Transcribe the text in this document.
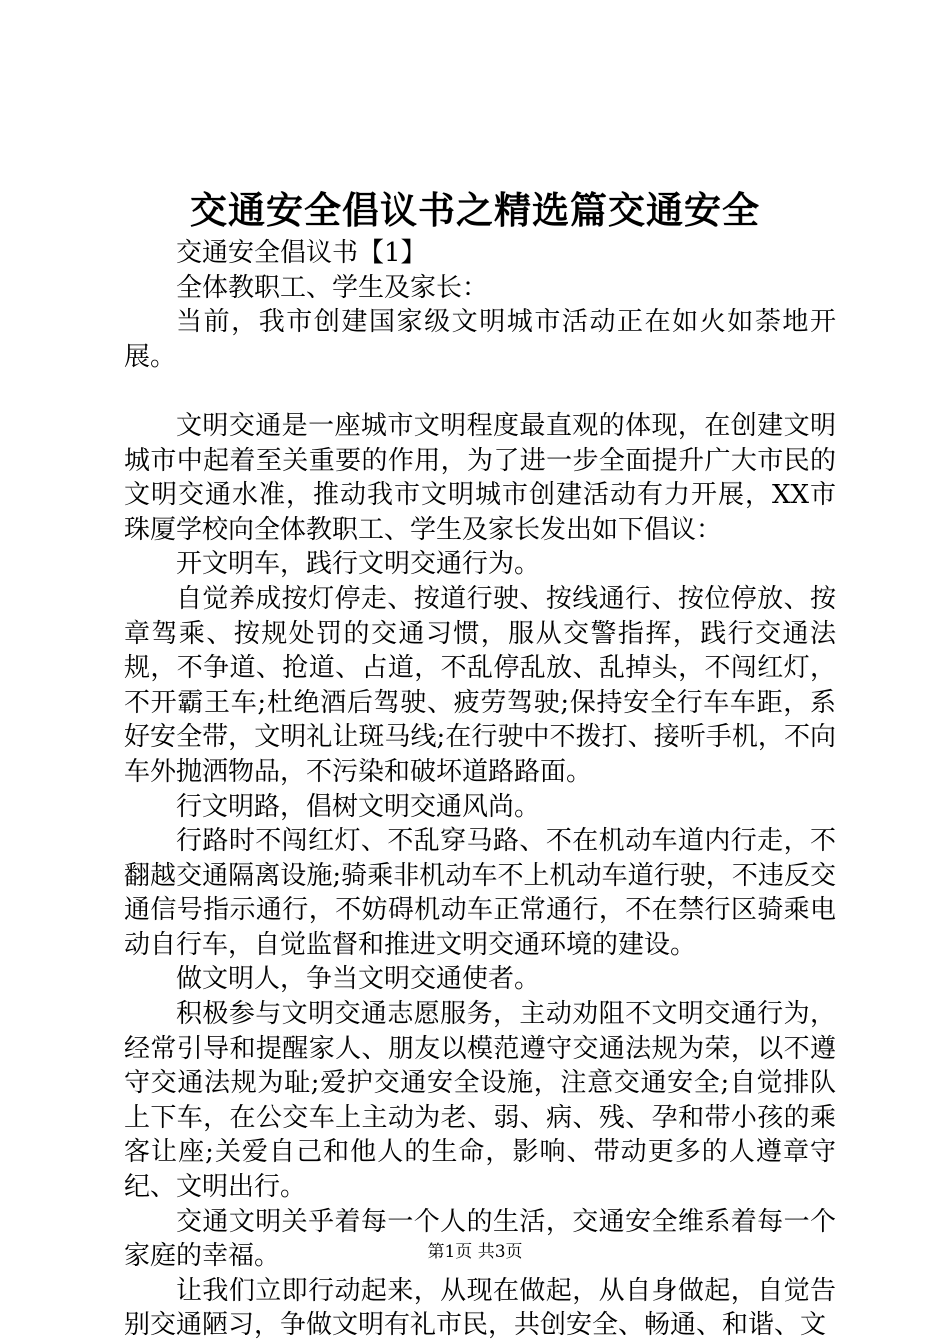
交通安全倡议书之精选篇交通安全

交通安全倡议书【1】

全体教职工、学生及家长：

当前，我市创建国家级文明城市活动正在如火如荼地开展。

文明交通是一座城市文明程度最直观的体现，在创建文明城市中起着至关重要的作用，为了进一步全面提升广大市民的文明交通水准，推动我市文明城市创建活动有力开展，XX市珠厦学校向全体教职工、学生及家长发出如下倡议：

开文明车，践行文明交通行为。

自觉养成按灯停走、按道行驶、按线通行、按位停放、按章驾乘、按规处罚的交通习惯，服从交警指挥，践行交通法规，不争道、抢道、占道，不乱停乱放、乱掉头，不闯红灯，不开霸王车;杜绝酒后驾驶、疲劳驾驶;保持安全行车车距，系好安全带，文明礼让斑马线;在行驶中不拨打、接听手机，不向车外抛洒物品，不污染和破坏道路路面。

行文明路，倡树文明交通风尚。

行路时不闯红灯、不乱穿马路、不在机动车道内行走，不翻越交通隔离设施;骑乘非机动车不上机动车道行驶，不违反交通信号指示通行，不妨碍机动车正常通行，不在禁行区骑乘电动自行车，自觉监督和推进文明交通环境的建设。

做文明人，争当文明交通使者。

积极参与文明交通志愿服务，主动劝阻不文明交通行为，经常引导和提醒家人、朋友以模范遵守交通法规为荣，以不遵守交通法规为耻;爱护交通安全设施，注意交通安全;自觉排队上下车，在公交车上主动为老、弱、病、残、孕和带小孩的乘客让座;关爱自己和他人的生命，影响、带动更多的人遵章守纪、文明出行。

交通文明关乎着每一个人的生活，交通安全维系着每一个家庭的幸福。

让我们立即行动起来，从现在做起，从自身做起，自觉告别交通陋习，争做文明有礼市民，共创安全、畅通、和谐、文

第1页 共3页
